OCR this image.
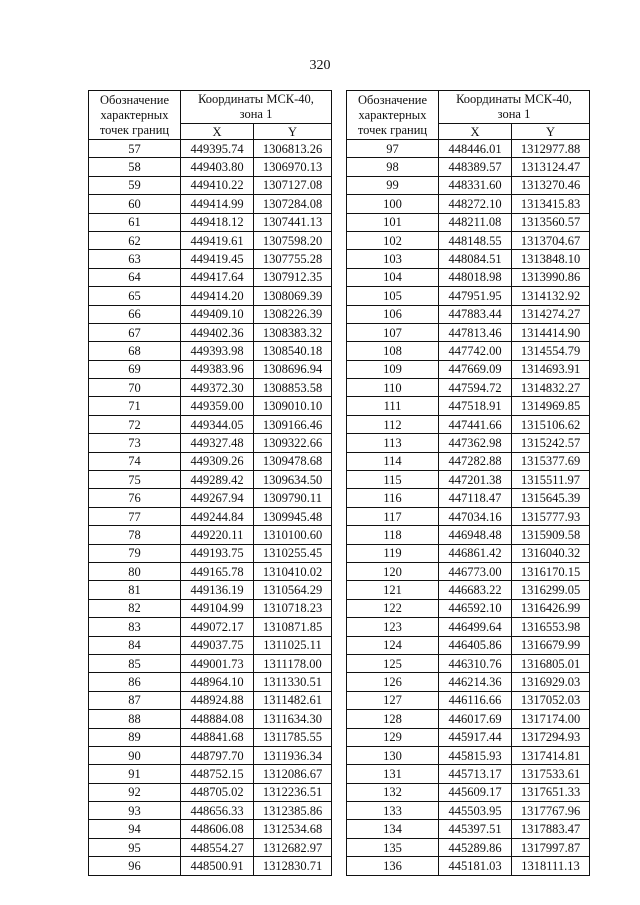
320
Обозначение
характерных
точек границ	Координаты МСК-40,
зона 1	

	X	Y
57	449395.74	1306813.26
58	449403.80	1306970.13
59	449410.22	1307127.08
60	449414.99	1307284.08
61	449418.12	1307441.13
62	449419.61	1307598.20
63	449419.45	1307755.28
64	449417.64	1307912.35
65	449414.20	1308069.39
66	449409.10	1308226.39
67	449402.36	1308383.32
68	449393.98	1308540.18
69	449383.96	1308696.94
70	449372.30	1308853.58
71	449359.00	1309010.10
72	449344.05	1309166.46
73	449327.48	1309322.66
74	449309.26	1309478.68
75	449289.42	1309634.50
76	449267.94	1309790.11
77	449244.84	1309945.48
78	449220.11	1310100.60
79	449193.75	1310255.45
80	449165.78	1310410.02
81	449136.19	1310564.29
82	449104.99	1310718.23
83	449072.17	1310871.85
84	449037.75	1311025.11
85	449001.73	1311178.00
86	448964.10	1311330.51
87	448924.88	1311482.61
88	448884.08	1311634.30
89	448841.68	1311785.55
90	448797.70	1311936.34
91	448752.15	1312086.67
92	448705.02	1312236.51
93	448656.33	1312385.86
94	448606.08	1312534.68
95	448554.27	1312682.97
96	448500.91	1312830.71
Обозначение
характерных
точек границ	Координаты МСК-40,
зона 1	

	X	Y
97	448446.01	1312977.88
98	448389.57	1313124.47
99	448331.60	1313270.46
100	448272.10	1313415.83
101	448211.08	1313560.57
102	448148.55	1313704.67
103	448084.51	1313848.10
104	448018.98	1313990.86
105	447951.95	1314132.92
106	447883.44	1314274.27
107	447813.46	1314414.90
108	447742.00	1314554.79
109	447669.09	1314693.91
110	447594.72	1314832.27
111	447518.91	1314969.85
112	447441.66	1315106.62
113	447362.98	1315242.57
114	447282.88	1315377.69
115	447201.38	1315511.97
116	447118.47	1315645.39
117	447034.16	1315777.93
118	446948.48	1315909.58
119	446861.42	1316040.32
120	446773.00	1316170.15
121	446683.22	1316299.05
122	446592.10	1316426.99
123	446499.64	1316553.98
124	446405.86	1316679.99
125	446310.76	1316805.01
126	446214.36	1316929.03
127	446116.66	1317052.03
128	446017.69	1317174.00
129	445917.44	1317294.93
130	445815.93	1317414.81
131	445713.17	1317533.61
132	445609.17	1317651.33
133	445503.95	1317767.96
134	445397.51	1317883.47
135	445289.86	1317997.87
136	445181.03	1318111.13
